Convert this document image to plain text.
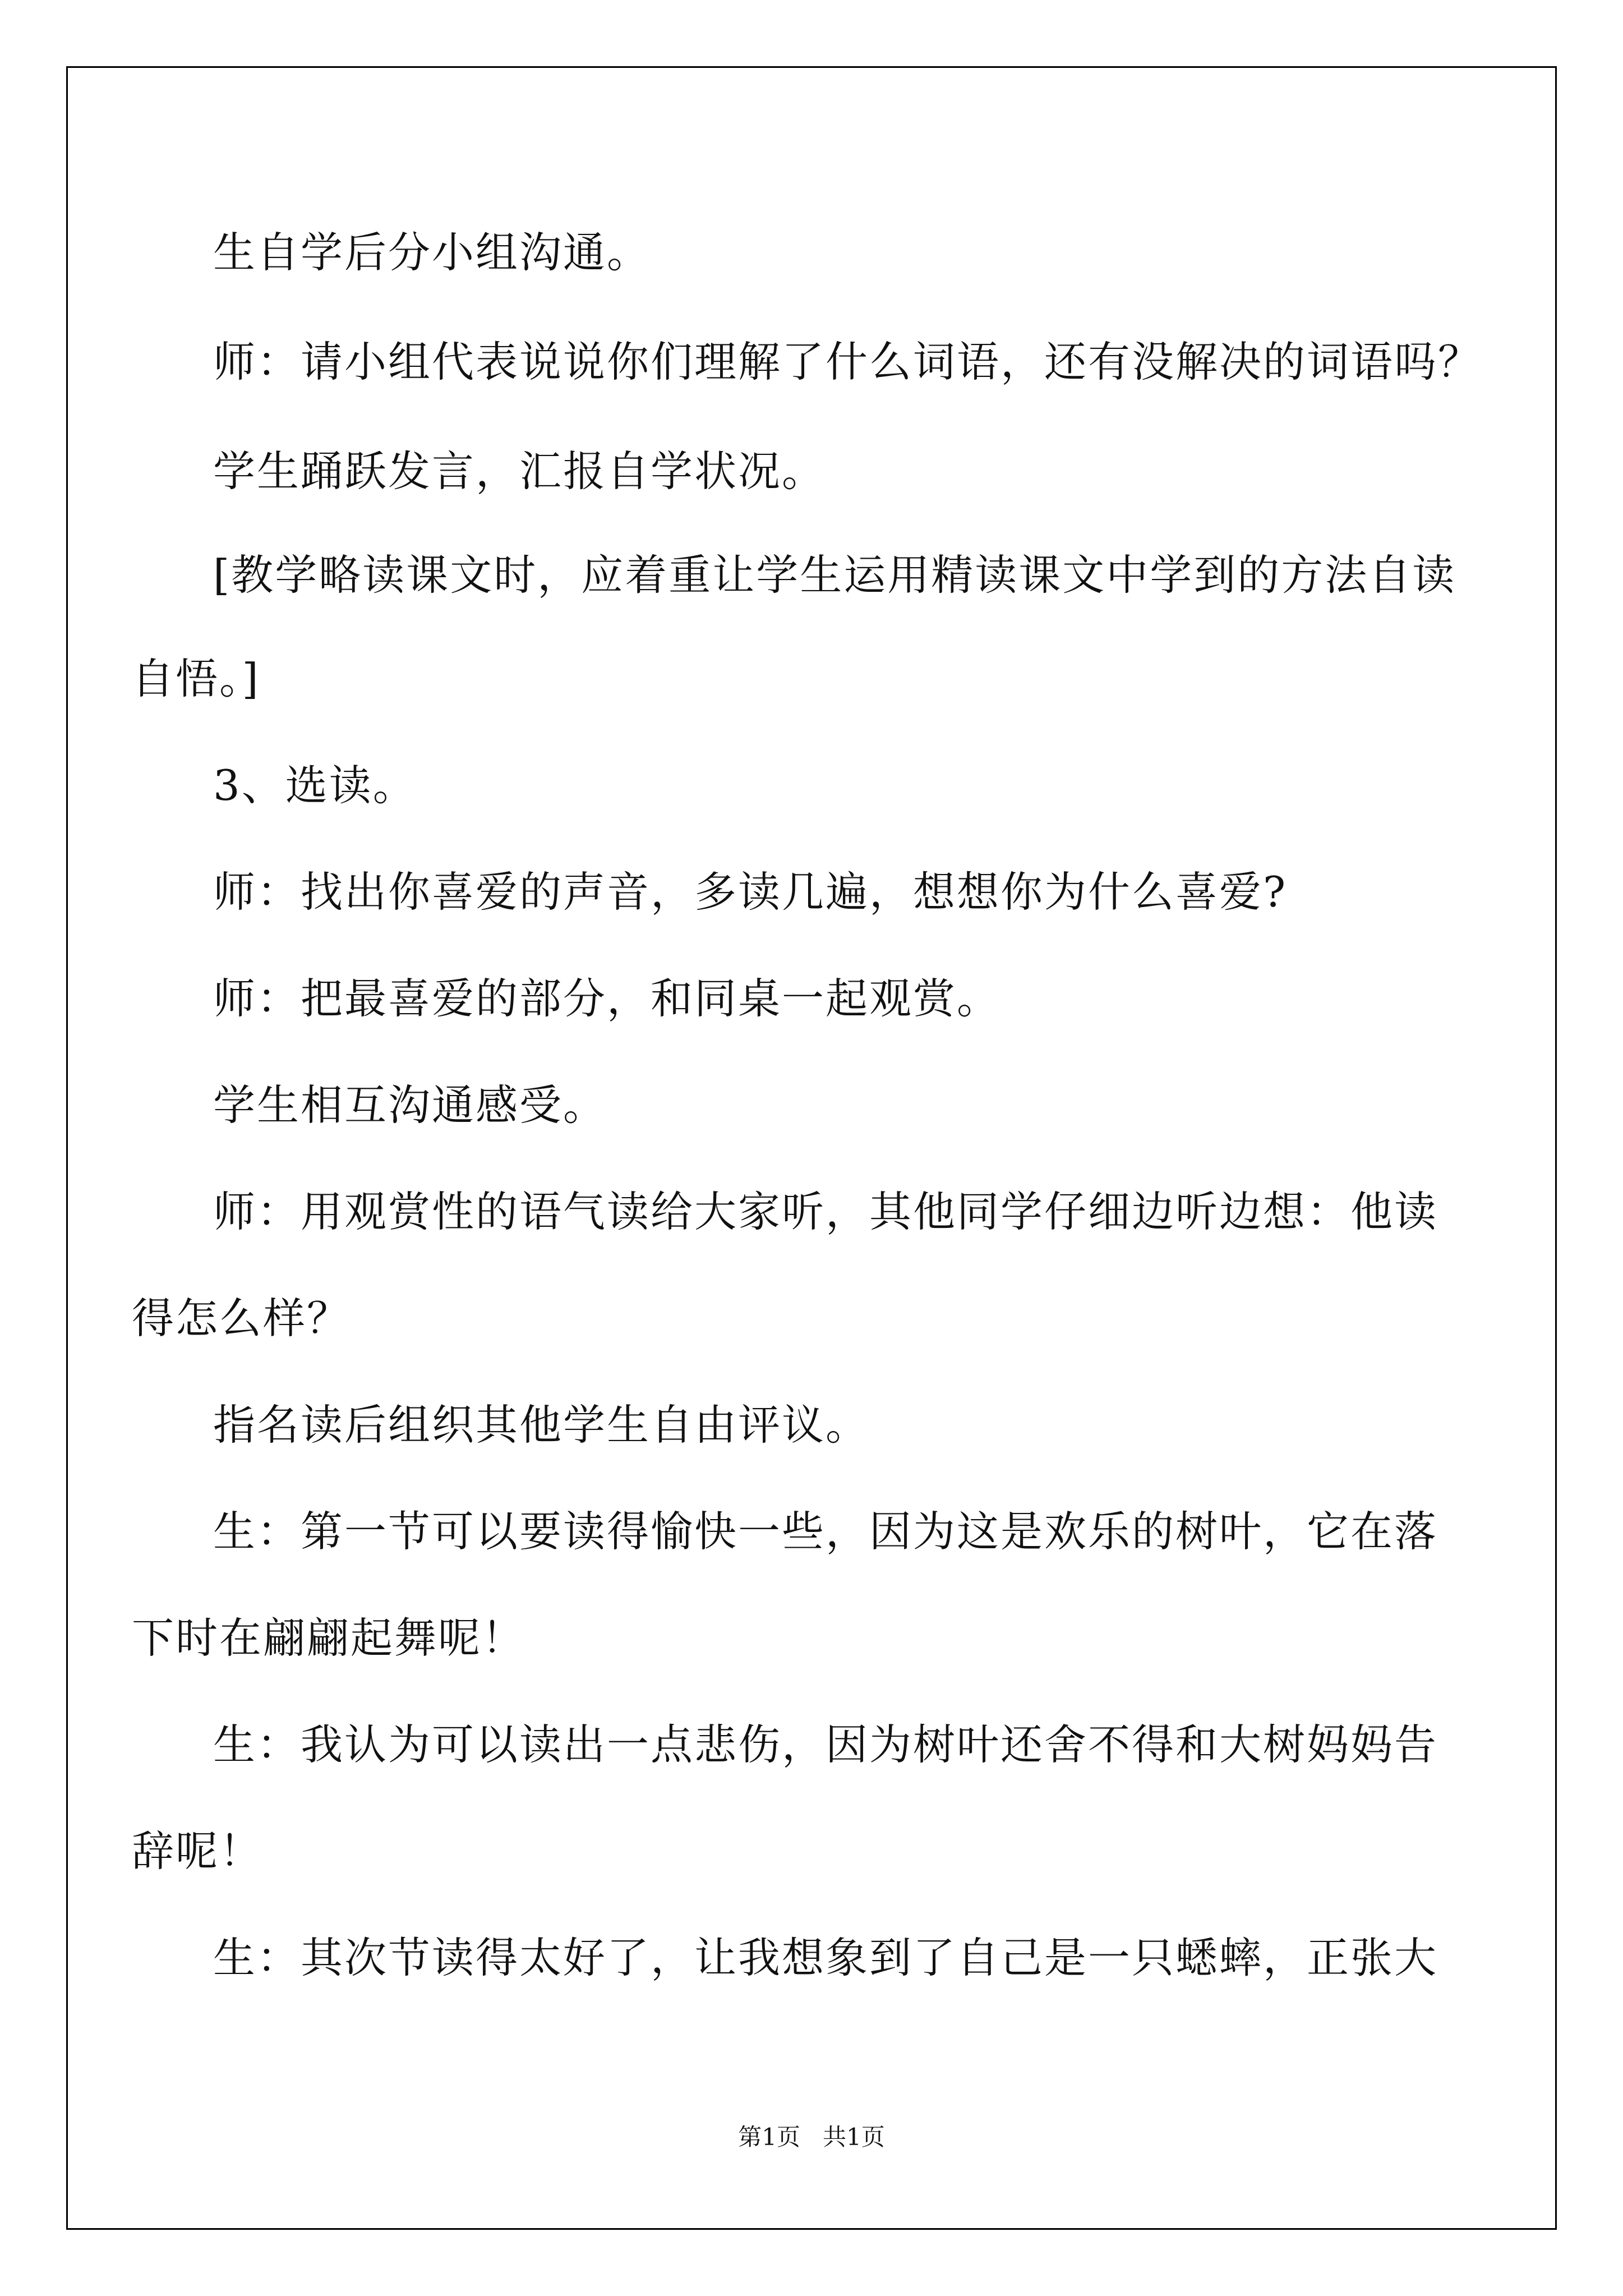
生自学后分小组沟通。
师：请小组代表说说你们理解了什么词语，还有没解决的词语吗？
学生踊跃发言，汇报自学状况。
[教学略读课文时，应着重让学生运用精读课文中学到的方法自读
自悟。]
3、选读。
师：找出你喜爱的声音，多读几遍，想想你为什么喜爱?
师：把最喜爱的部分，和同桌一起观赏。
学生相互沟通感受。
师：用观赏性的语气读给大家听，其他同学仔细边听边想：他读
得怎么样？
指名读后组织其他学生自由评议。
生：第一节可以要读得愉快一些，因为这是欢乐的树叶，它在落
下时在翩翩起舞呢！
生：我认为可以读出一点悲伤，因为树叶还舍不得和大树妈妈告
辞呢！
生：其次节读得太好了，让我想象到了自己是一只蟋蟀，正张大
第1页 共1页
